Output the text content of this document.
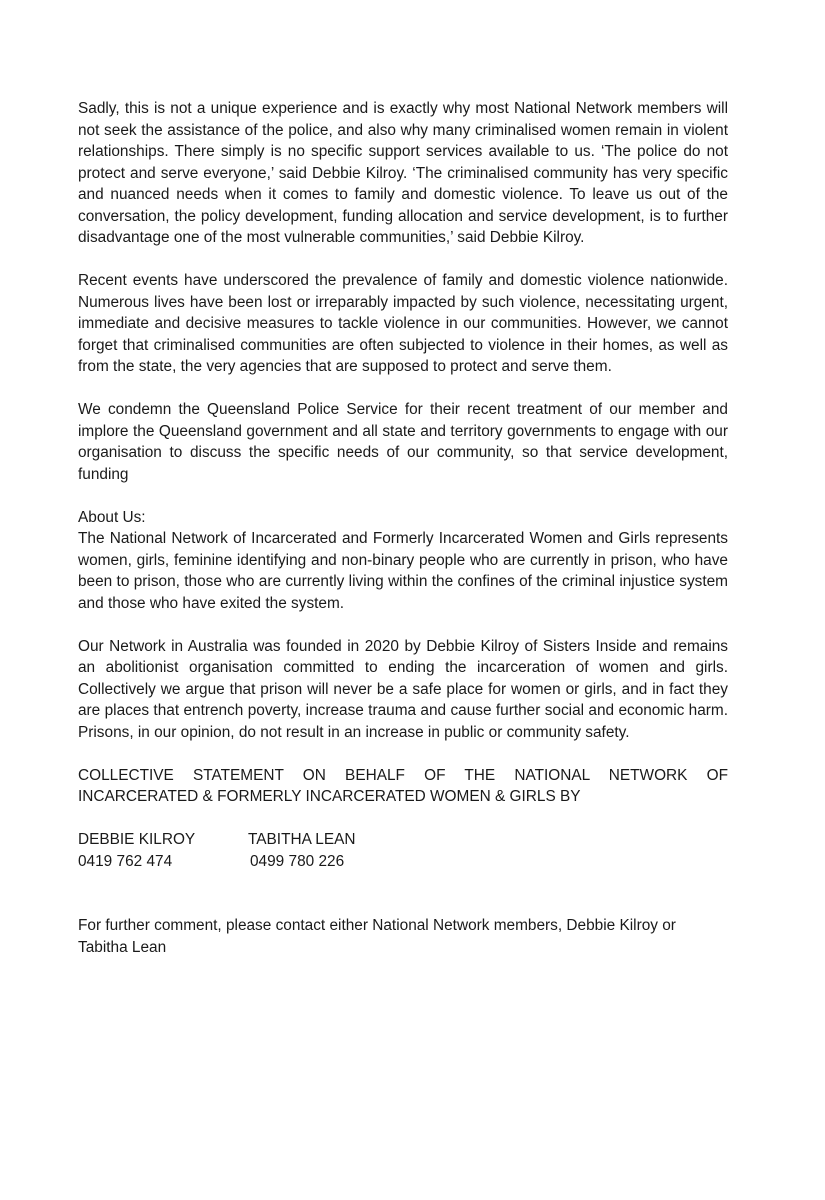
Sadly, this is not a unique experience and is exactly why most National Network members will not seek the assistance of the police, and also why many criminalised women remain in violent relationships. There simply is no specific support services available to us. ‘The police do not protect and serve everyone,’ said Debbie Kilroy. ‘The criminalised community has very specific and nuanced needs when it comes to family and domestic violence. To leave us out of the conversation, the policy development, funding allocation and service development, is to further disadvantage one of the most vulnerable communities,’ said Debbie Kilroy.

Recent events have underscored the prevalence of family and domestic violence nationwide. Numerous lives have been lost or irreparably impacted by such violence, necessitating urgent, immediate and decisive measures to tackle violence in our communities. However, we cannot forget that criminalised communities are often subjected to violence in their homes, as well as from the state, the very agencies that are supposed to protect and serve them.

We condemn the Queensland Police Service for their recent treatment of our member and implore the Queensland government and all state and territory governments to engage with our organisation to discuss the specific needs of our community, so that service development, funding

About Us:

The National Network of Incarcerated and Formerly Incarcerated Women and Girls represents women, girls, feminine identifying and non-binary people who are currently in prison, who have been to prison, those who are currently living within the confines of the criminal injustice system and those who have exited the system.

Our Network in Australia was founded in 2020 by Debbie Kilroy of Sisters Inside and remains an abolitionist organisation committed to ending the incarceration of women and girls. Collectively we argue that prison will never be a safe place for women or girls, and in fact they are places that entrench poverty, increase trauma and cause further social and economic harm. Prisons, in our opinion, do not result in an increase in public or community safety.

COLLECTIVE STATEMENT ON BEHALF OF THE NATIONAL NETWORK OF INCARCERATED & FORMERLY INCARCERATED WOMEN & GIRLS BY

DEBBIE KILROY
0419 762 474
TABITHA LEAN
0499 780 226

For further comment, please contact either National Network members, Debbie Kilroy or Tabitha Lean
